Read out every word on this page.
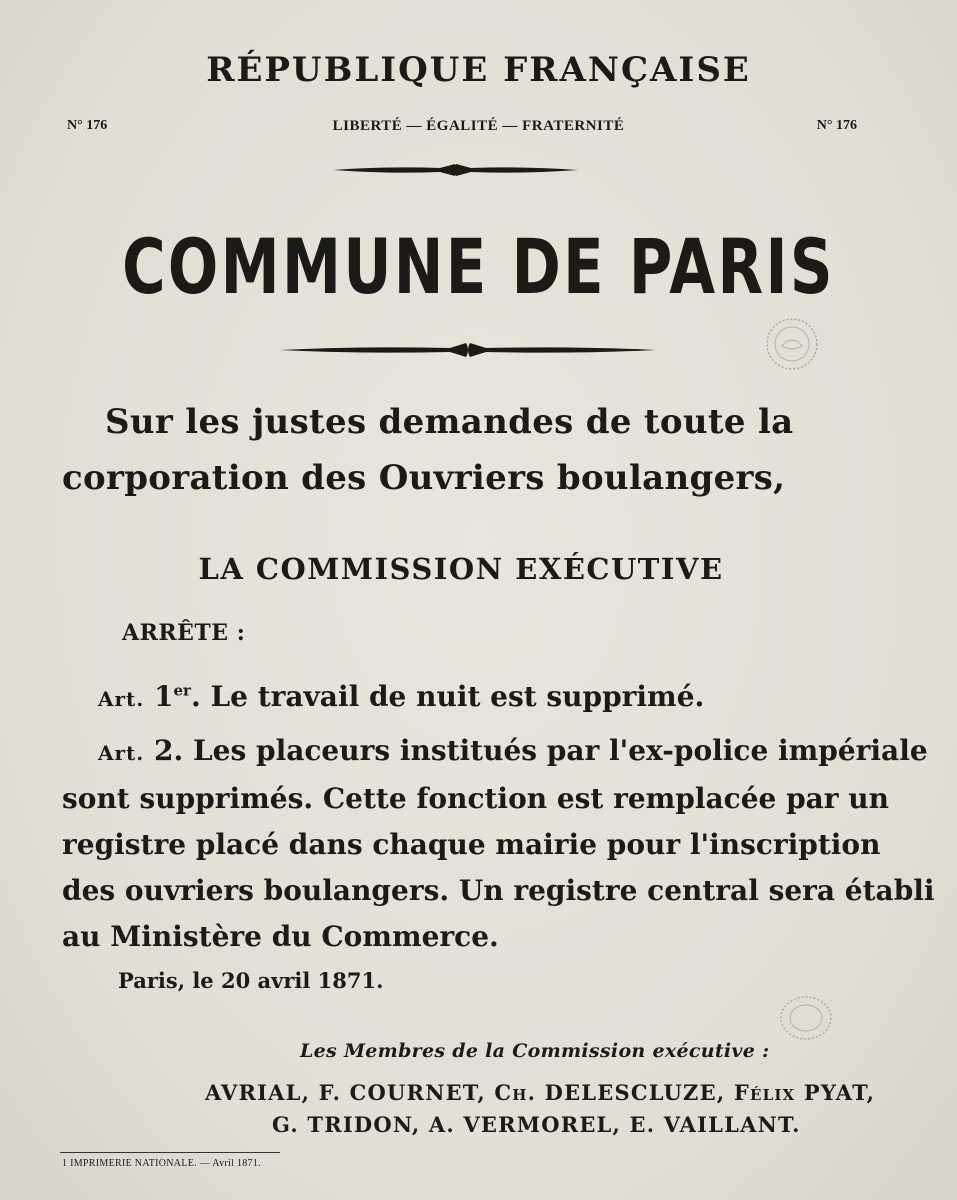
RÉPUBLIQUE FRANÇAISE
N° 176	LIBERTÉ — ÉGALITÉ — FRATERNITÉ	N° 176
COMMUNE DE PARIS
Sur les justes demandes de toute la
corporation des Ouvriers boulangers,
LA COMMISSION EXÉCUTIVE
ARRÊTE :
Art. 1er. Le travail de nuit est supprimé.
Art. 2. Les placeurs institués par l'ex-police impériale
sont supprimés. Cette fonction est remplacée par un
registre placé dans chaque mairie pour l'inscription
des ouvriers boulangers. Un registre central sera établi
au Ministère du Commerce.
Paris, le 20 avril 1871.
Les Membres de la Commission exécutive :
AVRIAL, F. COURNET, CH. DELESCLUZE, FÉLIX PYAT,
G. TRIDON, A. VERMOREL, E. VAILLANT.
1 IMPRIMERIE NATIONALE. — Avril 1871.
